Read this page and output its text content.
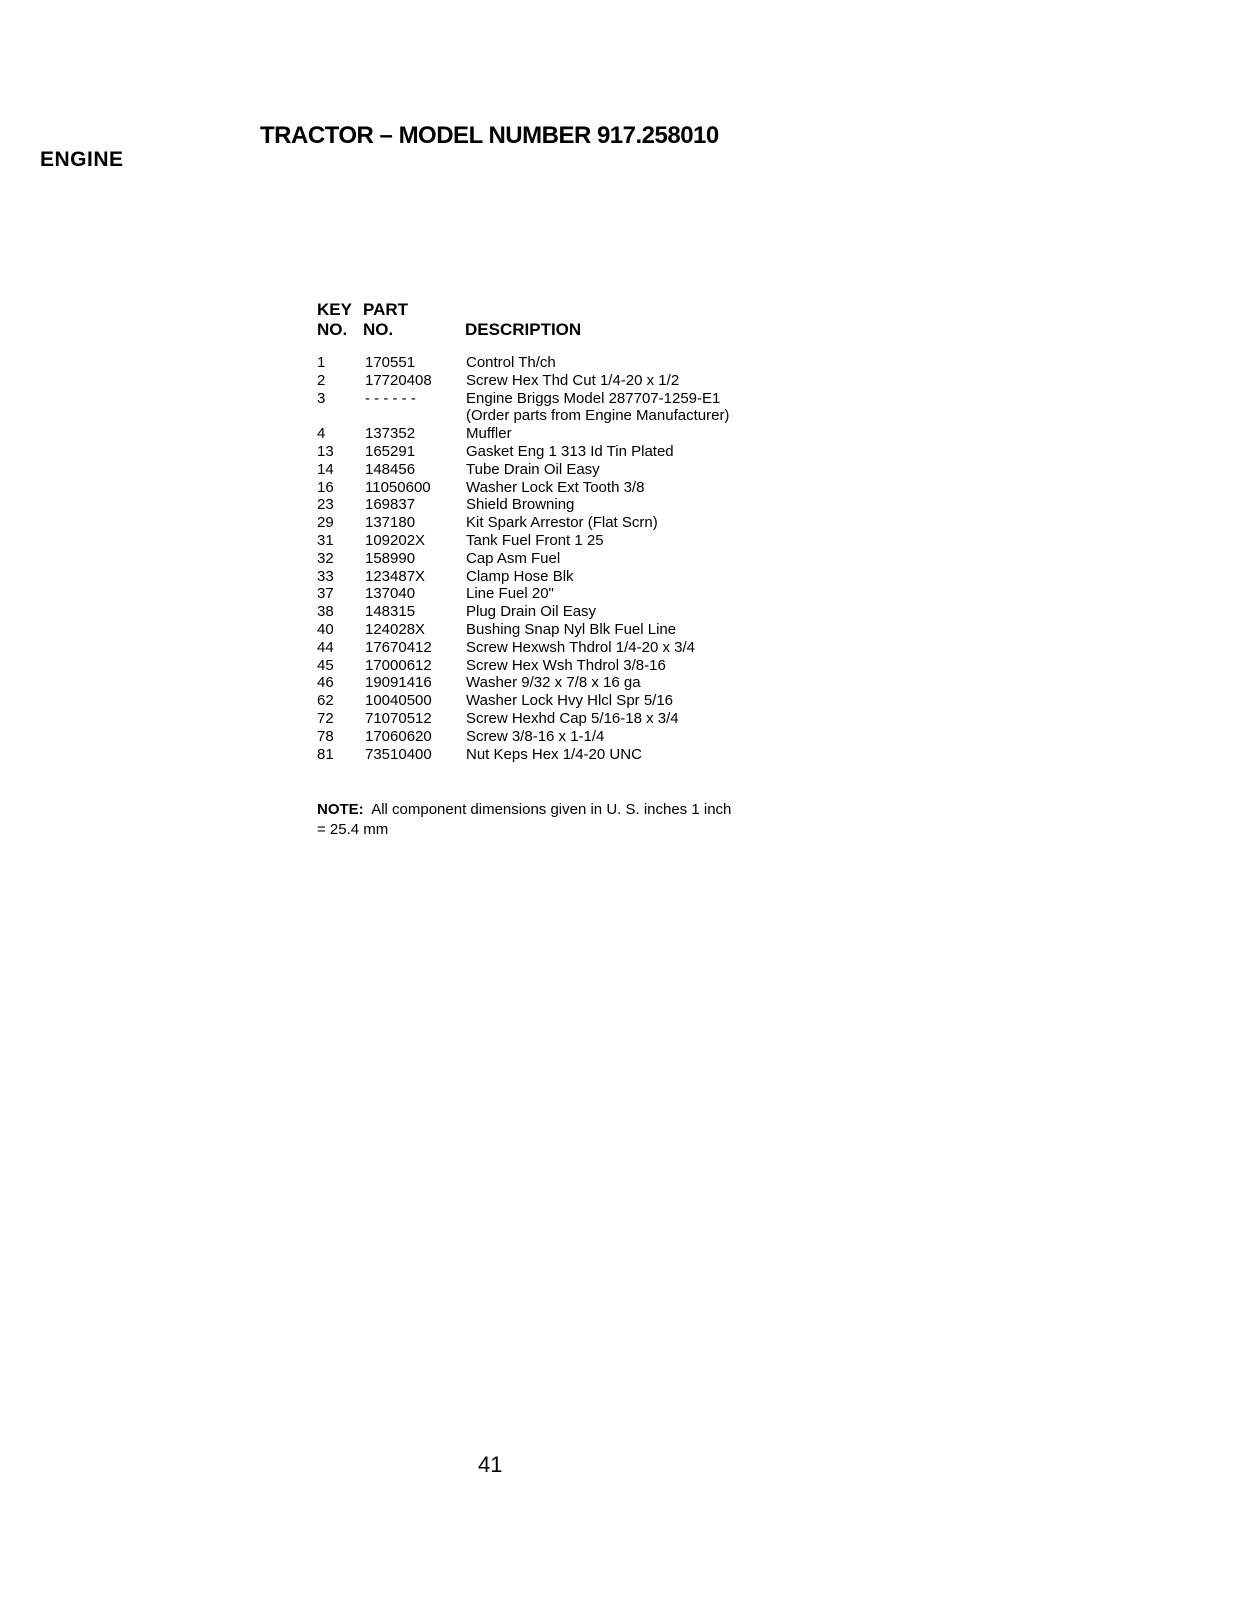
ENGINE
TRACTOR – MODEL NUMBER 917.258010
KEY
NO.
PART
NO.	DESCRIPTION
1	170551	Control Th/ch
2	17720408 Screw Hex Thd Cut 1/4-20 x 1/2
3	- - - - - -	Engine Briggs Model 287707-1259-E1
(Order parts from Engine Manufacturer)
4	137352	Muffler
13 165291	Gasket Eng 1 313 Id Tin Plated
14 148456	Tube Drain Oil Easy
16 11050600 Washer Lock Ext Tooth 3/8
23 169837	Shield Browning
29 137180	Kit Spark Arrestor (Flat Scrn)
31 109202X	Tank Fuel Front 1 25
32 158990	Cap Asm Fuel
33 123487X	Clamp Hose Blk
37 137040	Line Fuel 20"
38 148315	Plug Drain Oil Easy
40 124028X	Bushing Snap Nyl Blk Fuel Line
44 17670412 Screw Hexwsh Thdrol 1/4-20 x 3/4
45 17000612 Screw Hex Wsh Thdrol 3/8-16
46 19091416 Washer 9/32 x 7/8 x 16 ga
62 10040500 Washer Lock Hvy Hlcl Spr 5/16
72 71070512 Screw Hexhd Cap 5/16-18 x 3/4
78 17060620 Screw 3/8-16 x 1-1/4
81 73510400 Nut Keps Hex 1/4-20 UNC
NOTE: All component dimensions given in U. S. inches 1 inch = 25.4 mm
41
